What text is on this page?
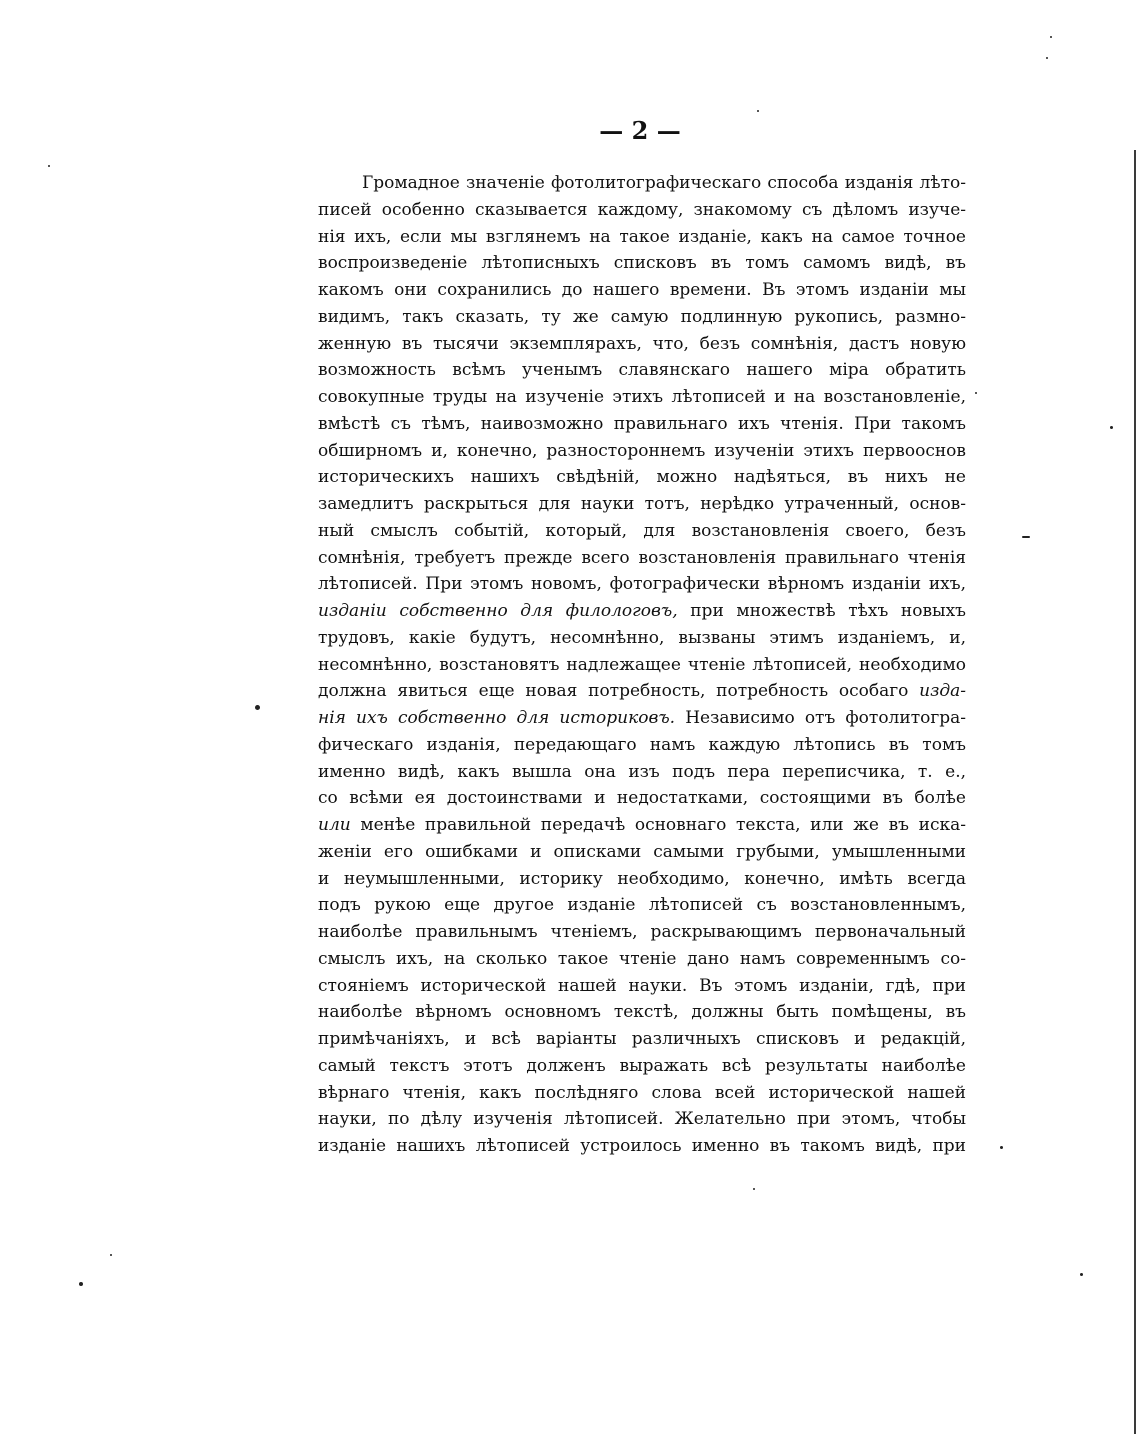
— 2 —
Громадное значеніе фотолитографическаго способа изданія лѣто-
писей особенно сказывается каждому, знакомому съ дѣломъ изуче-
нія ихъ, если мы взглянемъ на такое изданіе, какъ на самое точное
воспроизведеніе лѣтописныхъ списковъ въ томъ самомъ видѣ, въ
какомъ они сохранились до нашего времени. Въ этомъ изданіи мы
видимъ, такъ сказать, ту же самую подлинную рукопись, размно-
женную въ тысячи экземплярахъ, что, безъ сомнѣнія, дастъ новую
возможность всѣмъ ученымъ славянскаго нашего міра обратить
совокупные труды на изученіе этихъ лѣтописей и на возстановленіе,
вмѣстѣ съ тѣмъ, наивозможно правильнаго ихъ чтенія. При такомъ
обширномъ и, конечно, разностороннемъ изученіи этихъ первооснов
историческихъ нашихъ свѣдѣній, можно надѣяться, въ нихъ не
замедлитъ раскрыться для науки тотъ, нерѣдко утраченный, основ-
ный смыслъ событій, который, для возстановленія своего, безъ
сомнѣнія, требуетъ прежде всего возстановленія правильнаго чтенія
лѣтописей. При этомъ новомъ, фотографически вѣрномъ изданіи ихъ,
изданіи собственно для филологовъ, при множествѣ тѣхъ новыхъ
трудовъ, какіе будутъ, несомнѣнно, вызваны этимъ изданіемъ, и,
несомнѣнно, возстановятъ надлежащее чтеніе лѣтописей, необходимо
должна явиться еще новая потребность, потребность особаго изда-
нія ихъ собственно для историковъ. Независимо отъ фотолитогра-
фическаго изданія, передающаго намъ каждую лѣтопись въ томъ
именно видѣ, какъ вышла она изъ подъ пера переписчика, т. е.,
со всѣми ея достоинствами и недостатками, состоящими въ болѣе
или менѣе правильной передачѣ основнаго текста, или же въ иска-
женіи его ошибками и описками самыми грубыми, умышленными
и неумышленными, историку необходимо, конечно, имѣть всегда
подъ рукою еще другое изданіе лѣтописей съ возстановленнымъ,
наиболѣе правильнымъ чтеніемъ, раскрывающимъ первоначальный
смыслъ ихъ, на сколько такое чтеніе дано намъ современнымъ со-
стояніемъ исторической нашей науки. Въ этомъ изданіи, гдѣ, при
наиболѣе вѣрномъ основномъ текстѣ, должны быть помѣщены, въ
примѣчаніяхъ, и всѣ варіанты различныхъ списковъ и редакцій,
самый текстъ этотъ долженъ выражать всѣ результаты наиболѣе
вѣрнаго чтенія, какъ послѣдняго слова всей исторической нашей
науки, по дѣлу изученія лѣтописей. Желательно при этомъ, чтобы
изданіе нашихъ лѣтописей устроилось именно въ такомъ видѣ, при
